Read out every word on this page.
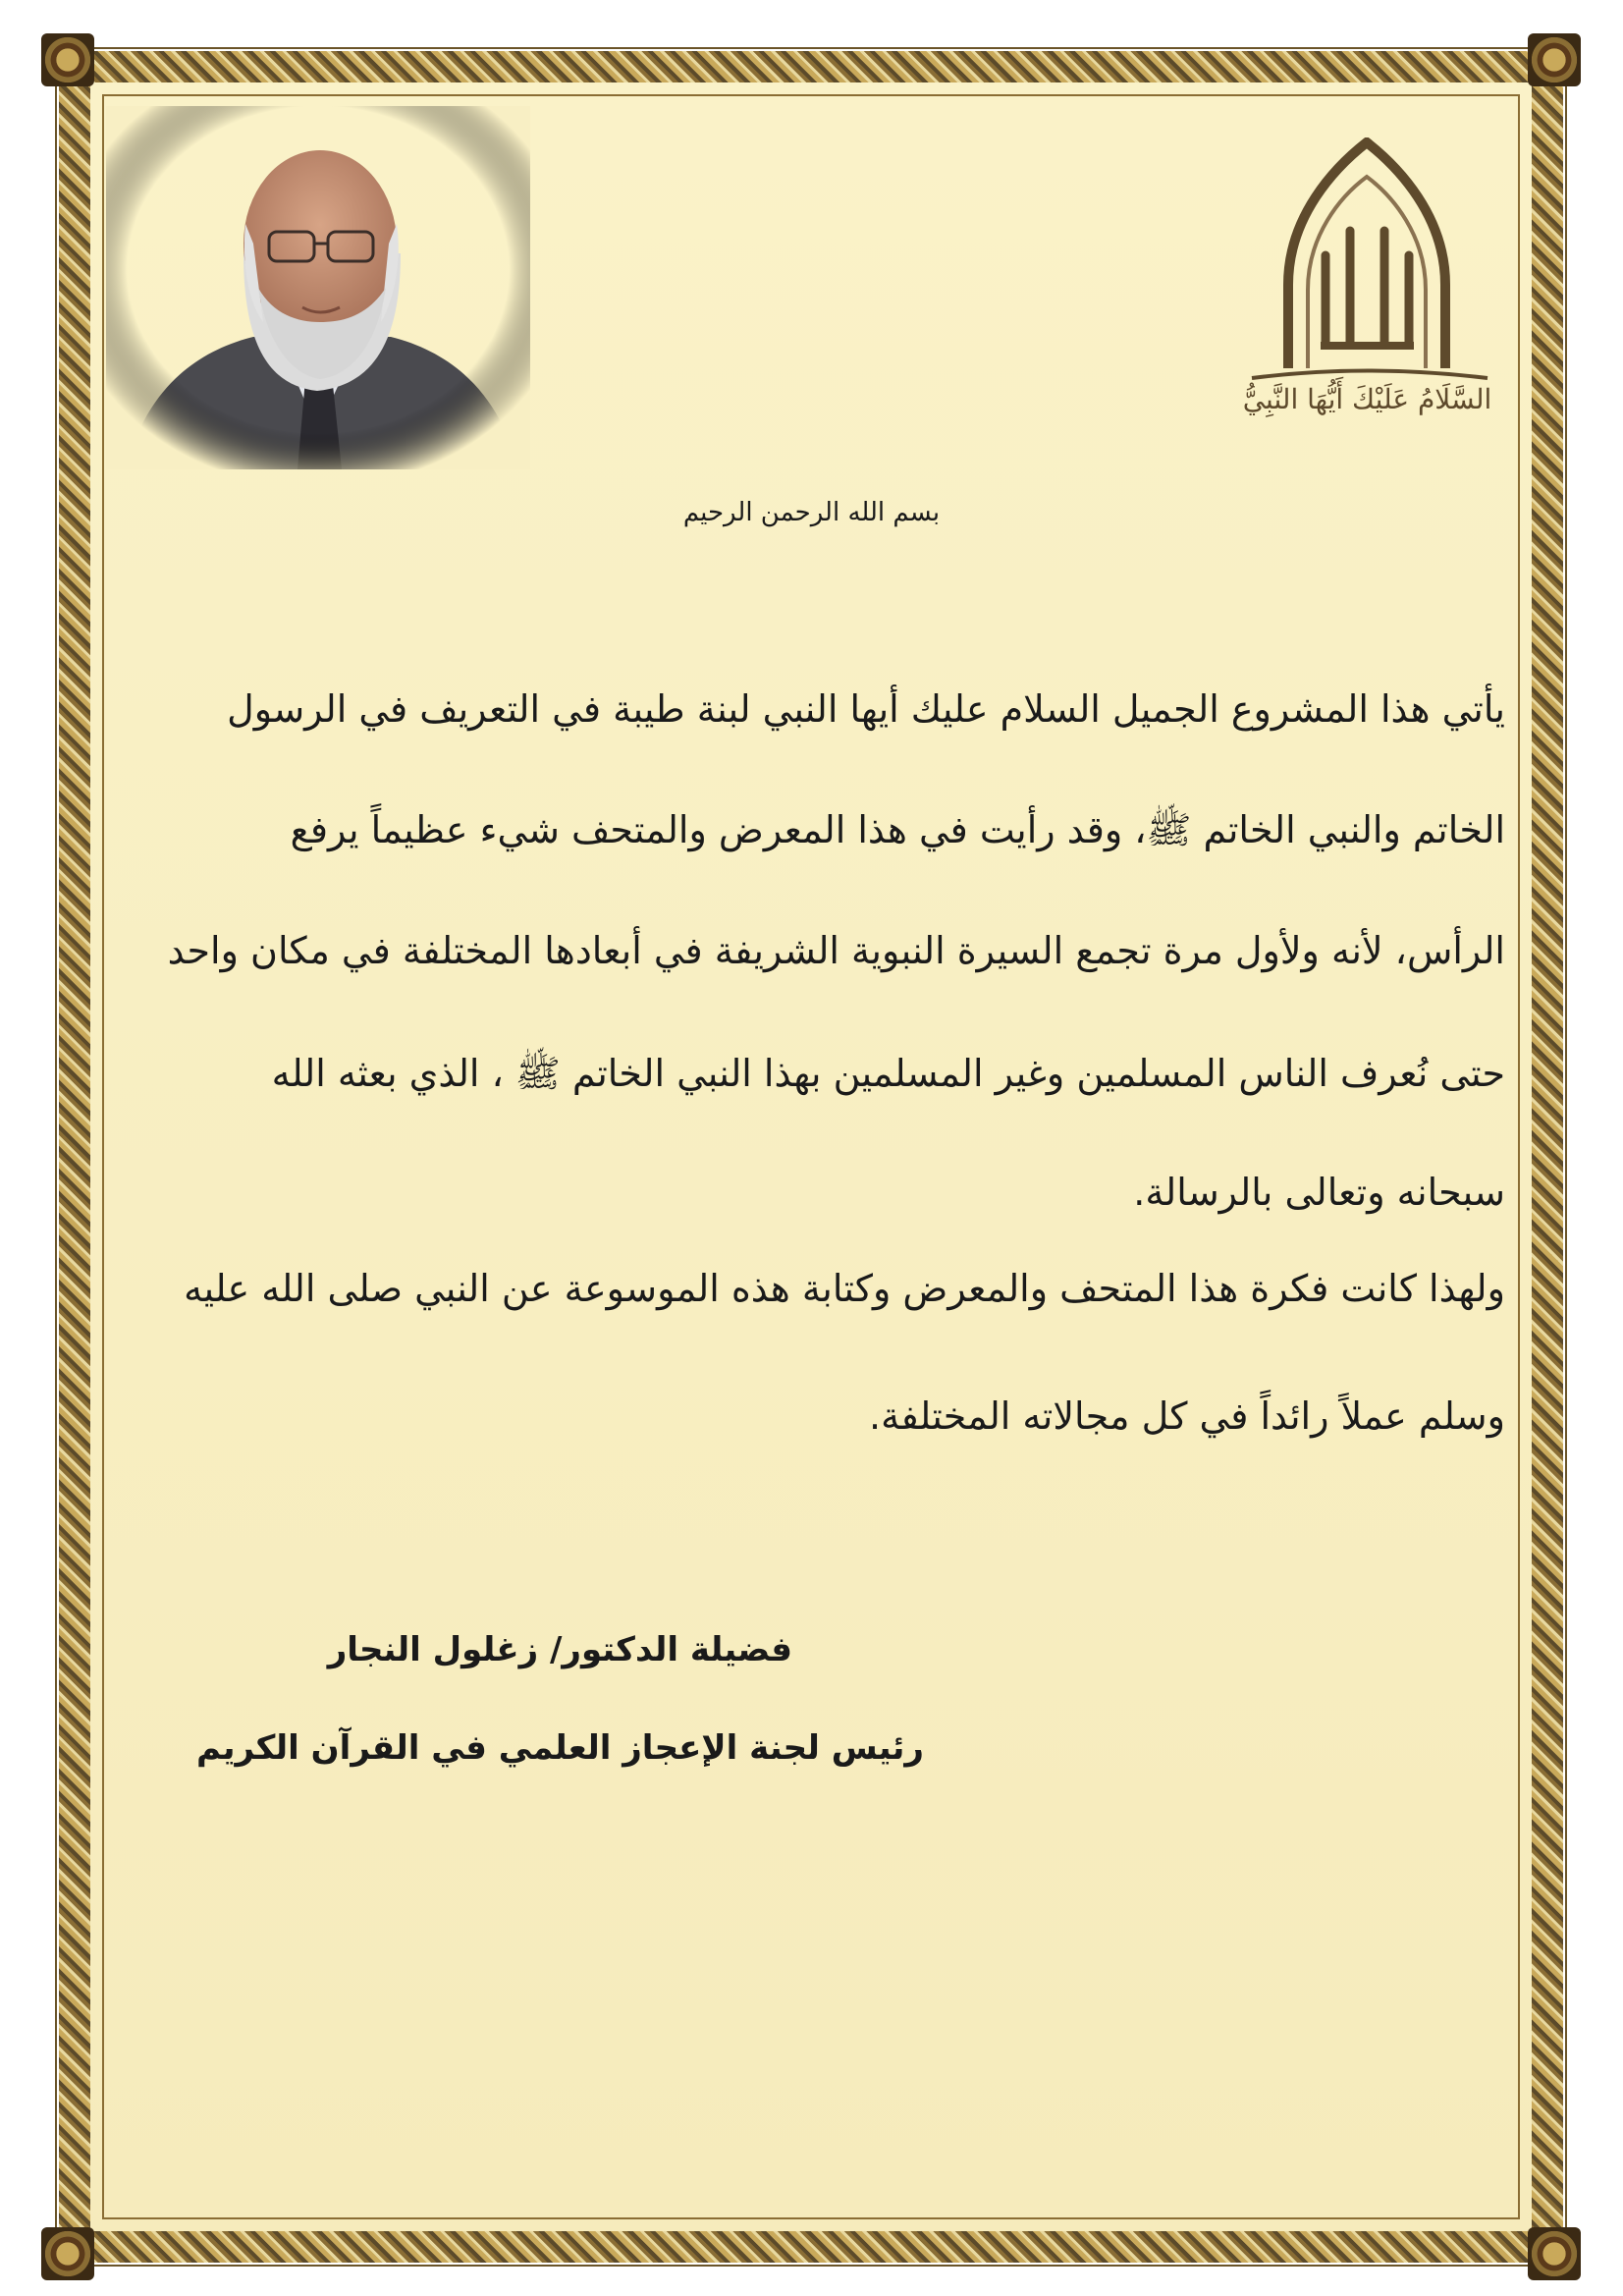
السَّلَامُ عَلَيْكَ أَيُّهَا النَّبِيُّ
بسم الله الرحمن الرحيم
يأتي هذا المشروع الجميل السلام عليك أيها النبي لبنة طيبة في التعريف في الرسول
الخاتم والنبي الخاتم ﷺ، وقد رأيت في هذا المعرض والمتحف شيء عظيماً يرفع
الرأس، لأنه ولأول مرة تجمع السيرة النبوية الشريفة في أبعادها المختلفة في مكان واحد
حتى نُعرف الناس المسلمين وغير المسلمين بهذا النبي الخاتم ﷺ ، الذي بعثه الله
سبحانه وتعالى بالرسالة.
ولهذا كانت فكرة هذا المتحف والمعرض وكتابة هذه الموسوعة عن النبي صلى الله عليه
وسلم عملاً رائداً في كل مجالاته المختلفة.
فضيلة الدكتور/ زغلول النجار
رئيس لجنة الإعجاز العلمي في القرآن الكريم
